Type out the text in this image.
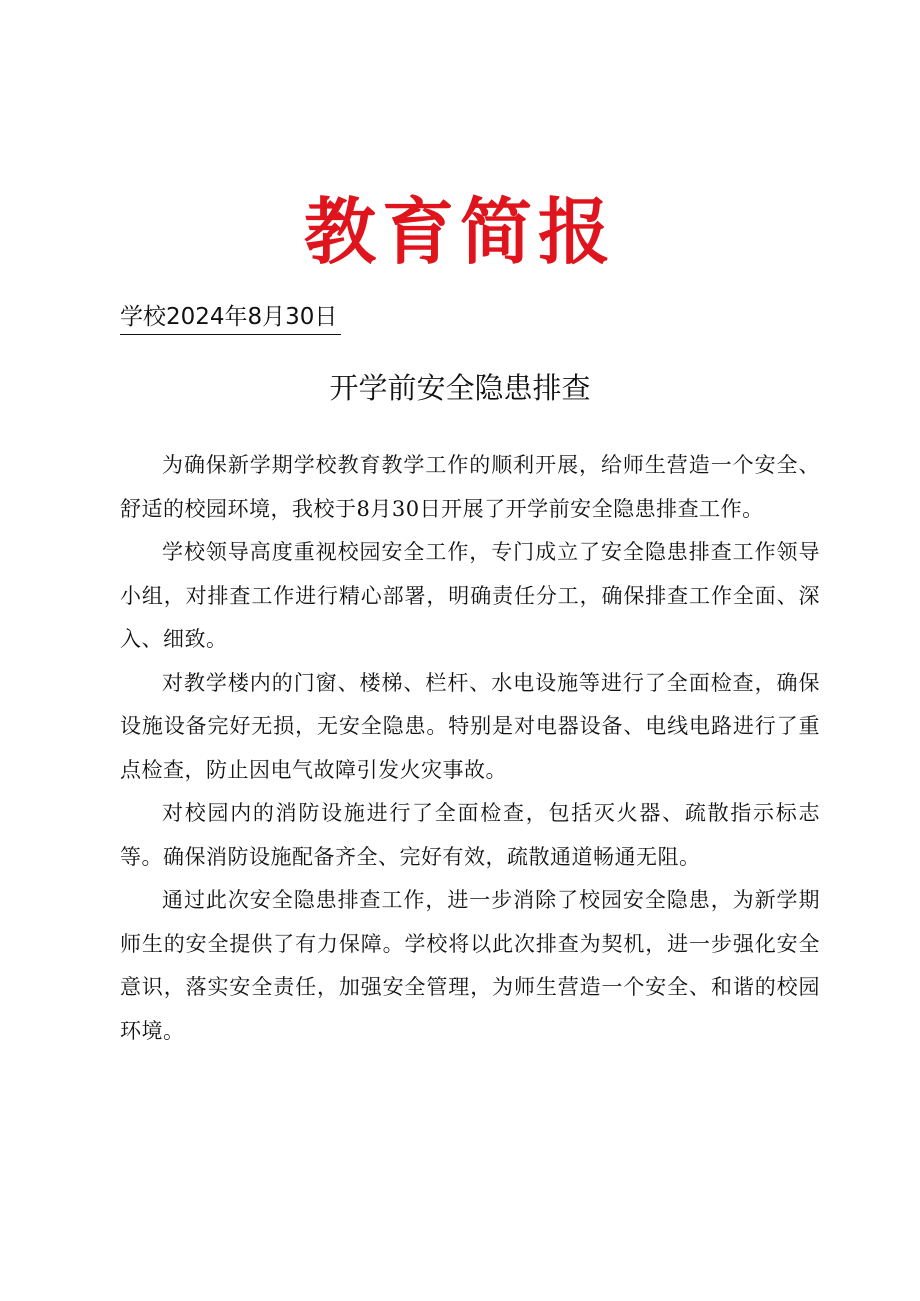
教育简报
学校2024年8月30日
开学前安全隐患排查

为确保新学期学校教育教学工作的顺利开展，给师生营造一个安全、舒适的校园环境，我校于8月30日开展了开学前安全隐患排查工作。

学校领导高度重视校园安全工作，专门成立了安全隐患排查工作领导小组，对排査工作进行精心部署，明确责任分工，确保排查工作全面、深入、细致。

对教学楼内的门窗、楼梯、栏杆、水电设施等进行了全面检查，确保设施设备完好无损，无安全隐患。特别是对电器设备、电线电路进行了重点检查，防止因电气故障引发火灾事故。

对校园内的消防设施进行了全面检查，包括灭火器、疏散指示标志等。确保消防设施配备齐全、完好有效，疏散通道畅通无阻。

通过此次安全隐患排查工作，进一步消除了校园安全隐患，为新学期师生的安全提供了有力保障。学校将以此次排查为契机，进一步强化安全意识，落实安全责任，加强安全管理，为师生营造一个安全、和谐的校园环境。
